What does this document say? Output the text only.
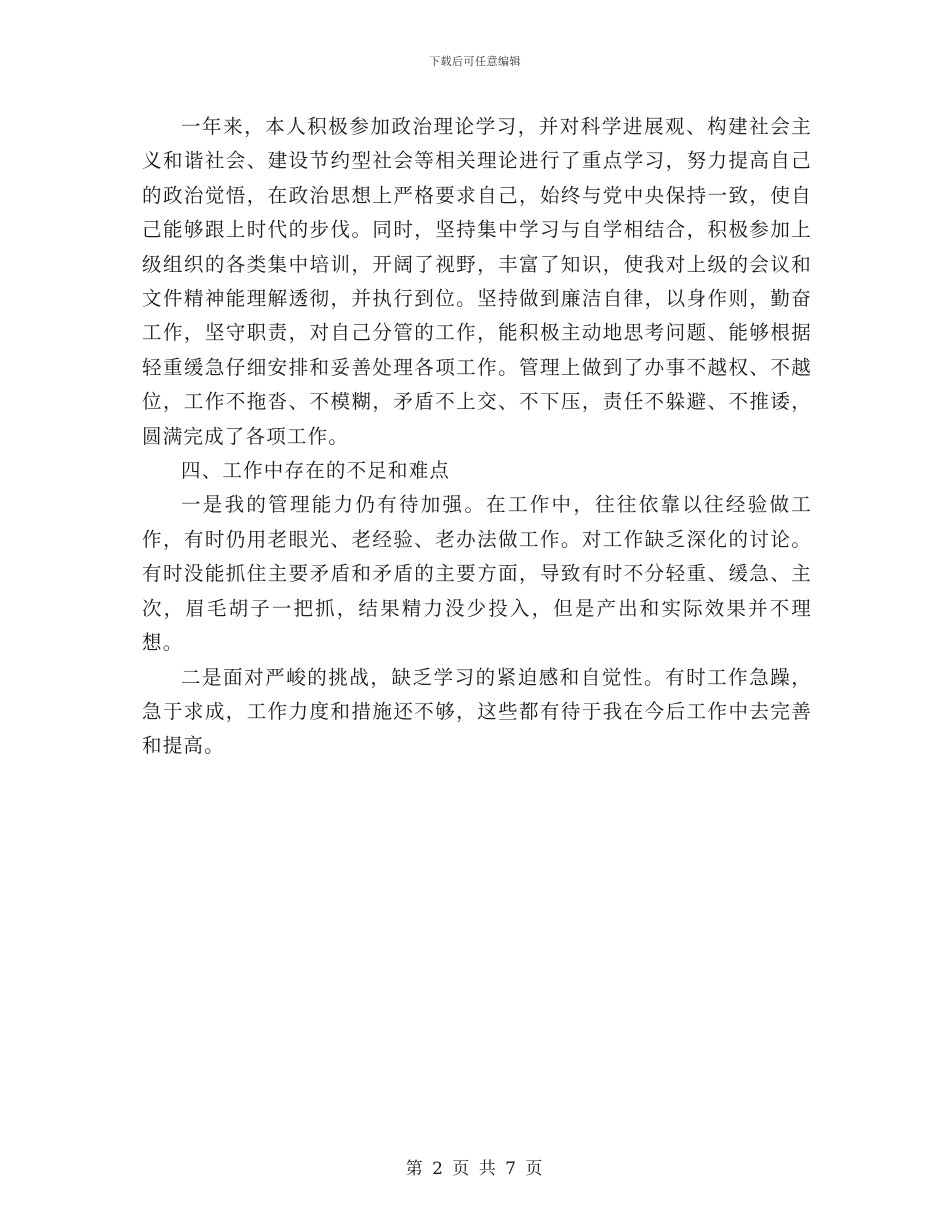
下载后可任意编辑

一年来，本人积极参加政治理论学习，并对科学进展观、构建社会主义和谐社会、建设节约型社会等相关理论进行了重点学习，努力提高自己的政治觉悟，在政治思想上严格要求自己，始终与党中央保持一致，使自己能够跟上时代的步伐。同时，坚持集中学习与自学相结合，积极参加上级组织的各类集中培训，开阔了视野，丰富了知识，使我对上级的会议和文件精神能理解透彻，并执行到位。坚持做到廉洁自律，以身作则，勤奋工作，坚守职责，对自己分管的工作，能积极主动地思考问题、能够根据轻重缓急仔细安排和妥善处理各项工作。管理上做到了办事不越权、不越位，工作不拖沓、不模糊，矛盾不上交、不下压，责任不躲避、不推诿，圆满完成了各项工作。

四、工作中存在的不足和难点

一是我的管理能力仍有待加强。在工作中，往往依靠以往经验做工作，有时仍用老眼光、老经验、老办法做工作。对工作缺乏深化的讨论。有时没能抓住主要矛盾和矛盾的主要方面，导致有时不分轻重、缓急、主次，眉毛胡子一把抓，结果精力没少投入，但是产出和实际效果并不理想。

二是面对严峻的挑战，缺乏学习的紧迫感和自觉性。有时工作急躁，急于求成，工作力度和措施还不够，这些都有待于我在今后工作中去完善和提高。

第 2 页 共 7 页
